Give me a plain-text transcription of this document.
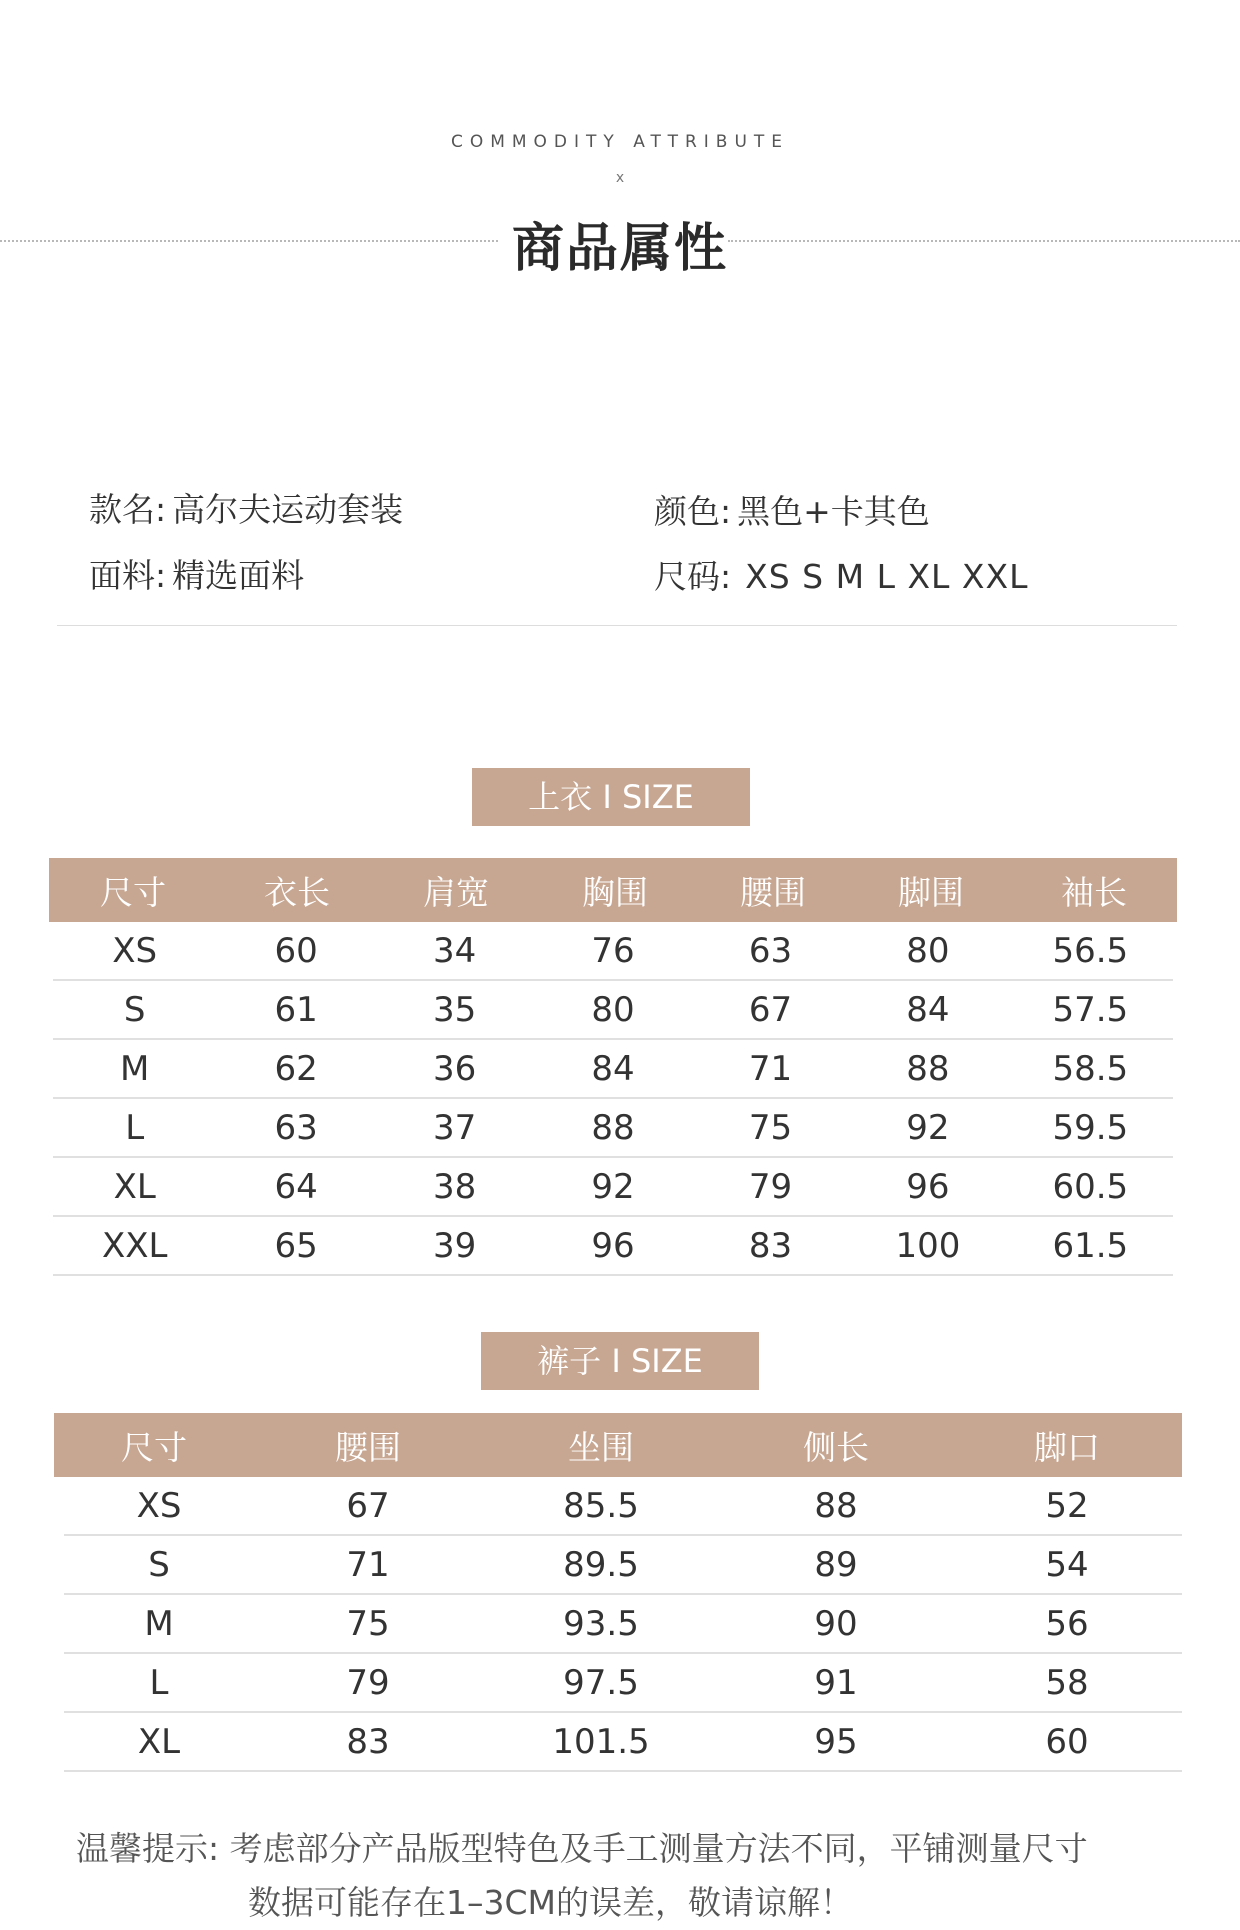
COMMODITY ATTRIBUTE
x
商品属性
款名: 高尔夫运动套装
面料: 精选面料
颜色: 黑色+卡其色
尺码: XS S M L XL XXL
上衣 I SIZE
尺寸	衣长	肩宽	胸围	腰围	脚围	袖长
XS	60	34	76	63	80	56.5
S	61	35	80	67	84	57.5
M	62	36	84	71	88	58.5
L	63	37	88	75	92	59.5
XL	64	38	92	79	96	60.5
XXL	65	39	96	83	100	61.5
裤子 I SIZE
尺寸	腰围	坐围	侧长	脚口
XS	67	85.5	88	52
S	71	89.5	89	54
M	75	93.5	90	56
L	79	97.5	91	58
XL	83	101.5	95	60
温馨提示: 考虑部分产品版型特色及手工测量方法不同，平铺测量尺寸
数据可能存在1–3CM的误差，敬请谅解！
